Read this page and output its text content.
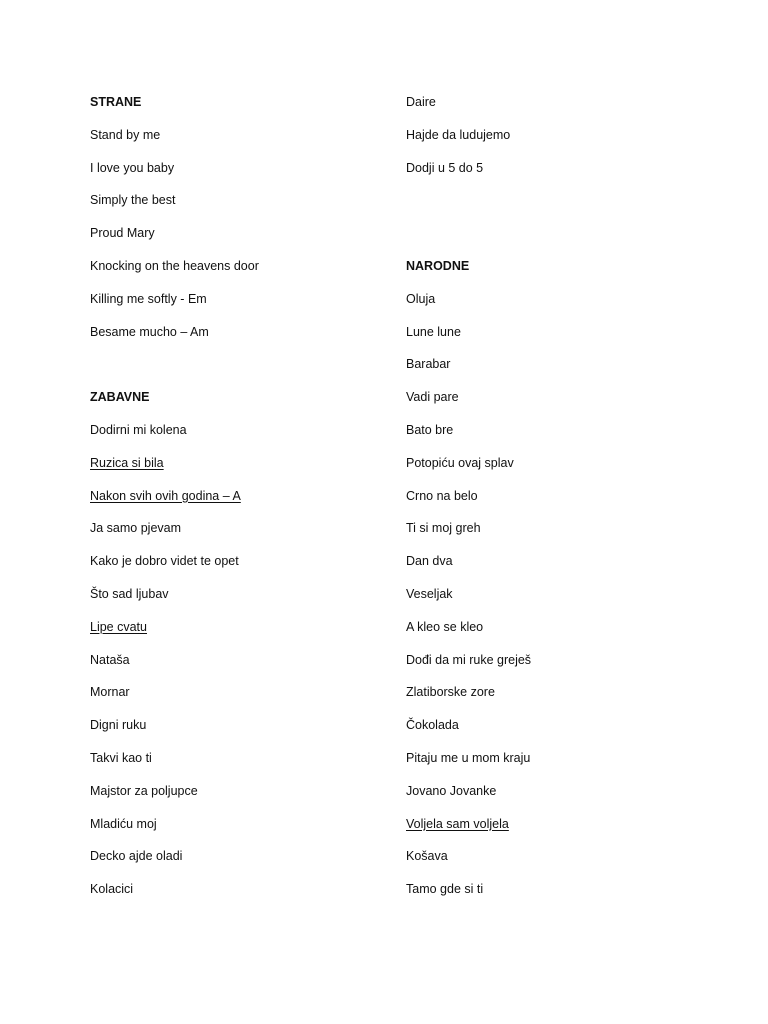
STRANE
Stand by me
I love you baby
Simply the best
Proud Mary
Knocking on the heavens door
Killing me softly - Em
Besame mucho – Am
ZABAVNE
Dodirni mi kolena
Ruzica si bila
Nakon svih ovih godina – A
Ja samo pjevam
Kako je dobro videt te opet
Što sad ljubav
Lipe cvatu
Nataša
Mornar
Digni ruku
Takvi kao ti
Majstor za poljupce
Mladiću moj
Decko ajde oladi
Kolacici
Daire
Hajde da ludujemo
Dodji u 5 do 5
NARODNE
Oluja
Lune lune
Barabar
Vadi pare
Bato bre
Potopiću ovaj splav
Crno na belo
Ti si moj greh
Dan dva
Veseljak
A kleo se kleo
Dođi da mi ruke greješ
Zlatiborske zore
Čokolada
Pitaju me u mom kraju
Jovano Jovanke
Voljela sam voljela
Košava
Tamo gde si ti
